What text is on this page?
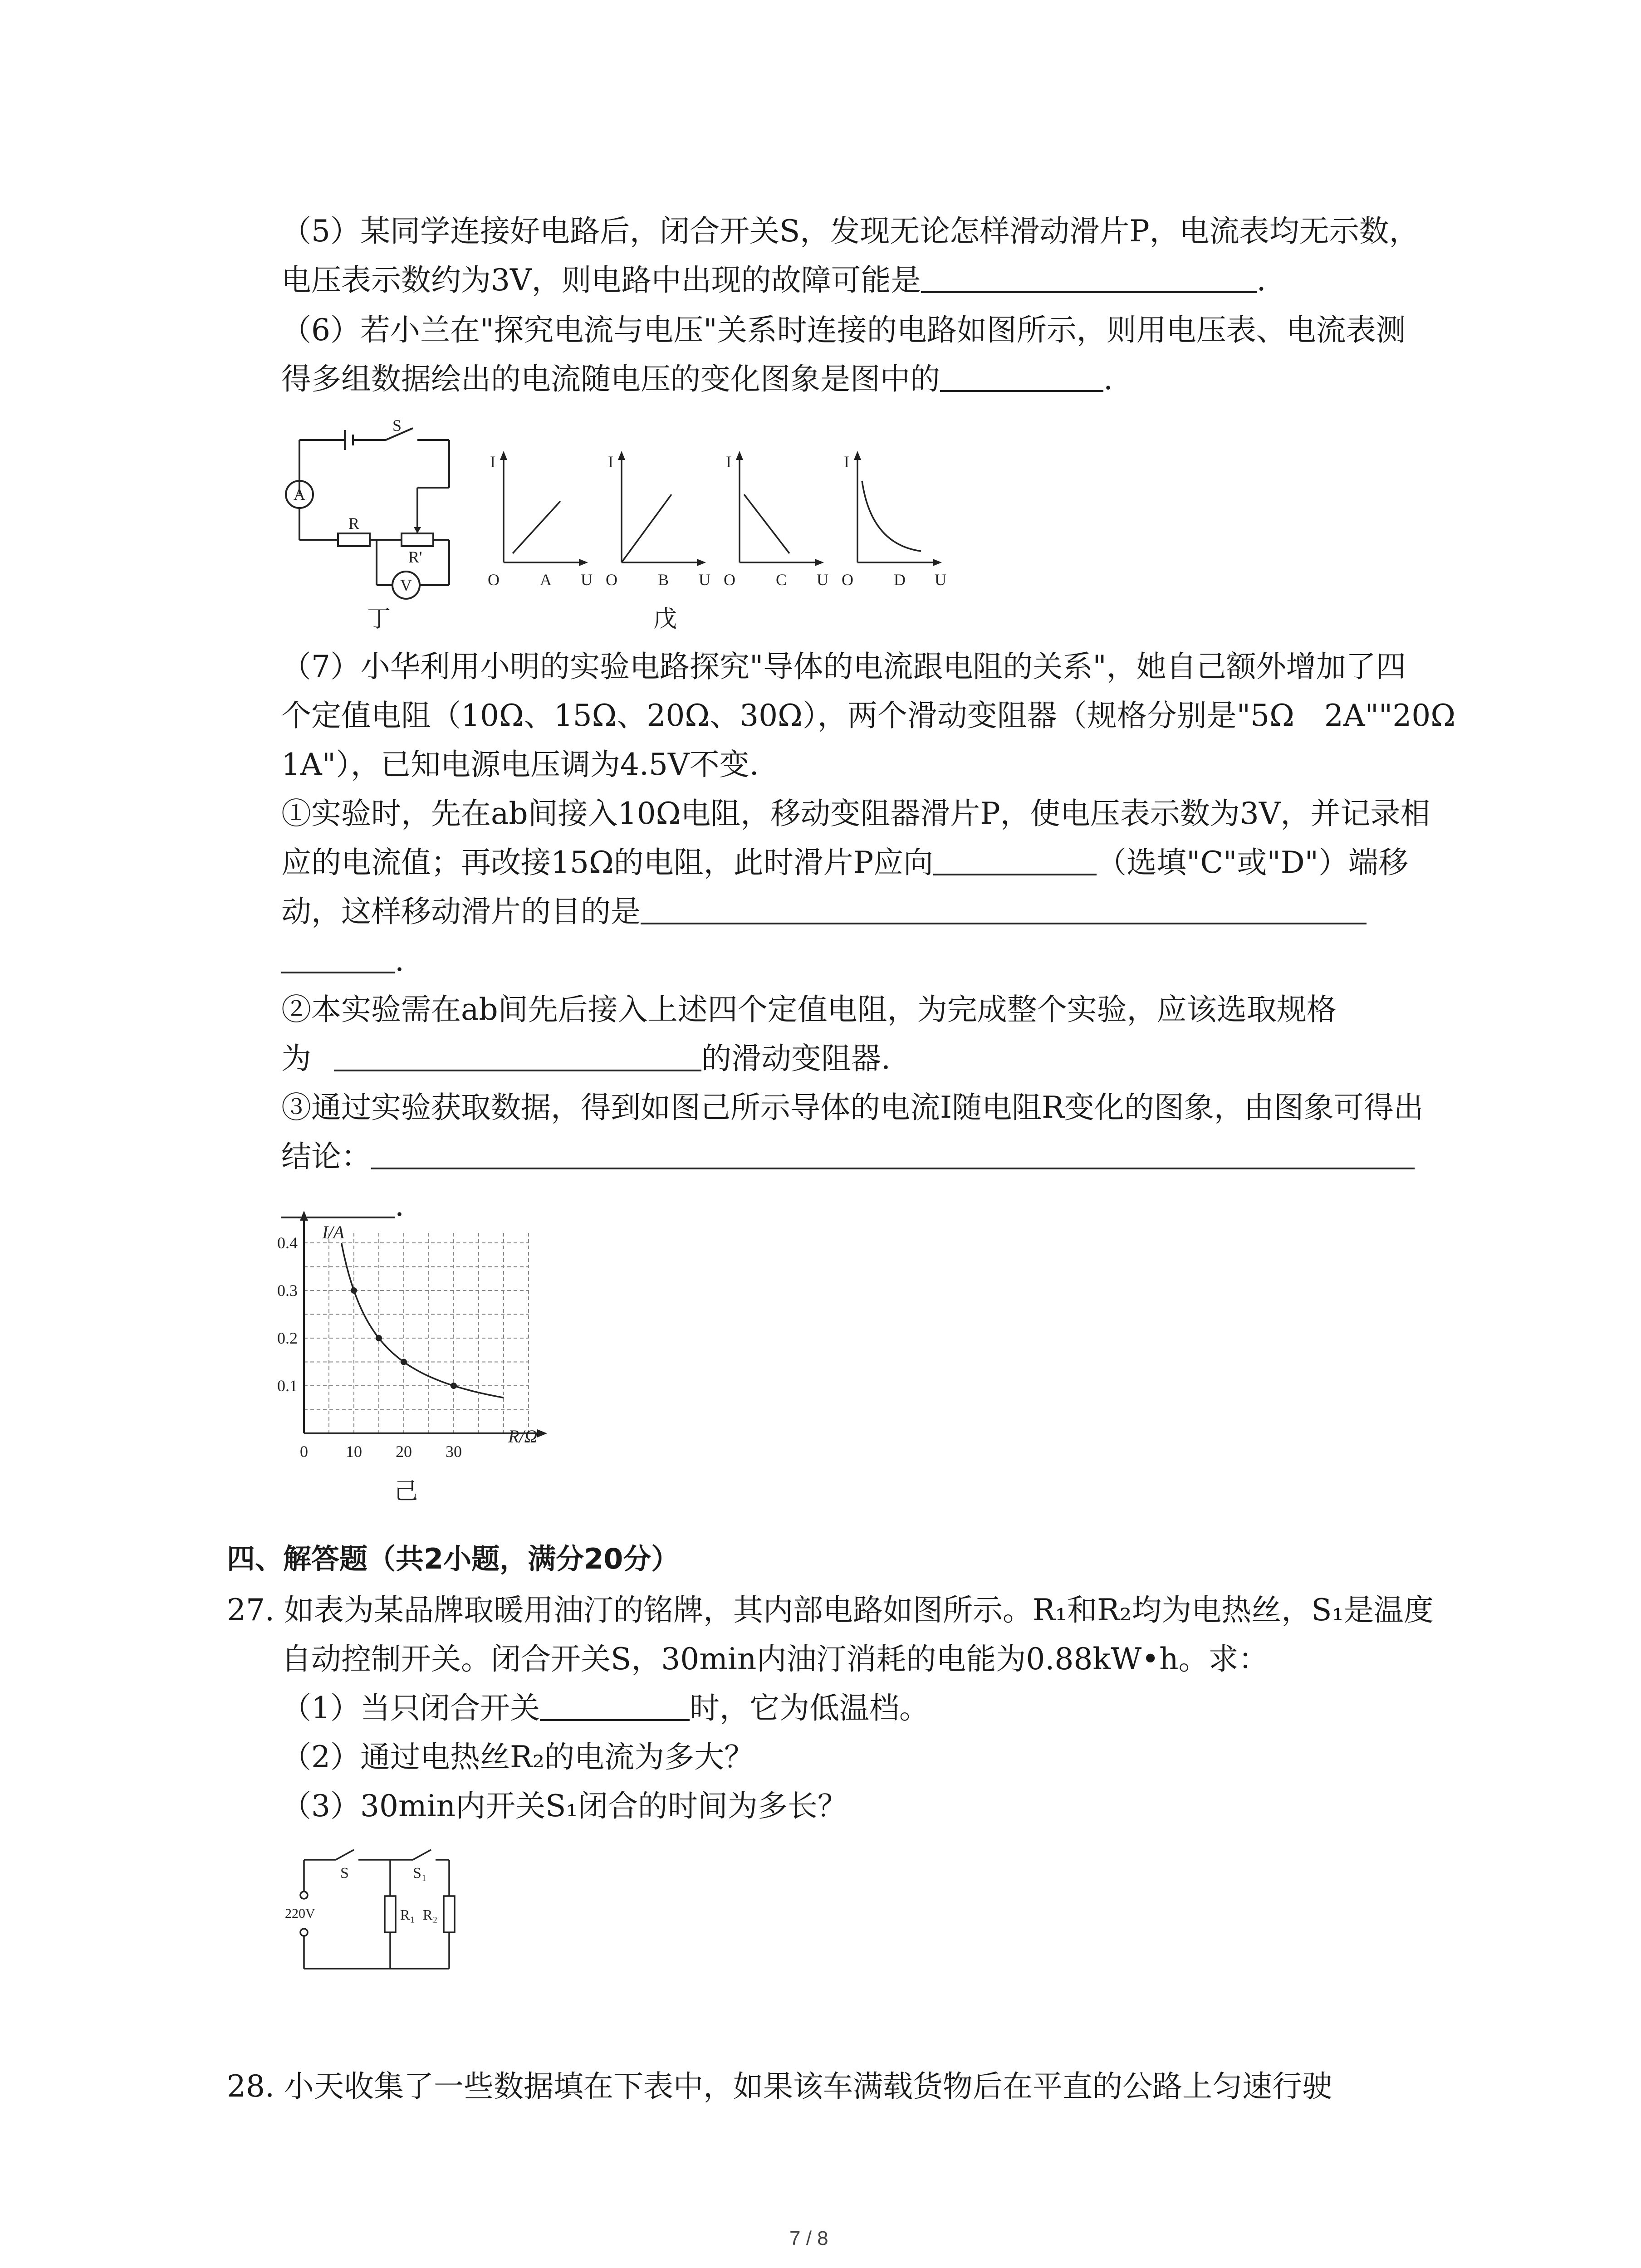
（5）某同学连接好电路后，闭合开关S，发现无论怎样滑动滑片P，电流表均无示数，
电压表示数约为3V，则电路中出现的故障可能是	.
（6）若小兰在"探究电流与电压"关系时连接的电路如图所示，则用电压表、电流表测
得多组数据绘出的电流随电压的变化图象是图中的	.
S
A
R
R'
V
丁
I
O A U
I
O B U
I
O C U
I
O D U
戊
（7）小华利用小明的实验电路探究"导体的电流跟电阻的关系"，她自己额外增加了四
个定值电阻（10Ω、15Ω、20Ω、30Ω），两个滑动变阻器（规格分别是"5Ω　2A""20Ω
1A"），已知电源电压调为4.5V不变.
①实验时，先在ab间接入10Ω电阻，移动变阻器滑片P，使电压表示数为3V，并记录相
应的电流值；再改接15Ω的电阻，此时滑片P应向	（选填"C"或"D"）端移
动，这样移动滑片的目的是
.
②本实验需在ab间先后接入上述四个定值电阻，为完成整个实验，应该选取规格
为	的滑动变阻器.
③通过实验获取数据，得到如图己所示导体的电流I随电阻R变化的图象，由图象可得出
结论：
.
0 10 20 30
0.1
0.2
0.3
0.4
I/A
R/Ω
己
四、解答题（共2小题，满分20分）
27. 如表为某品牌取暖用油汀的铭牌，其内部电路如图所示。R₁和R₂均为电热丝，S₁是温度
自动控制开关。闭合开关S，30min内油汀消耗的电能为0.88kW•h。求：
（1）当只闭合开关	时，它为低温档。
（2）通过电热丝R₂的电流为多大？
（3）30min内开关S₁闭合的时间为多长？
S	S₁
220V	R₁ R₂
28. 小天收集了一些数据填在下表中，如果该车满载货物后在平直的公路上匀速行驶
7 / 8
